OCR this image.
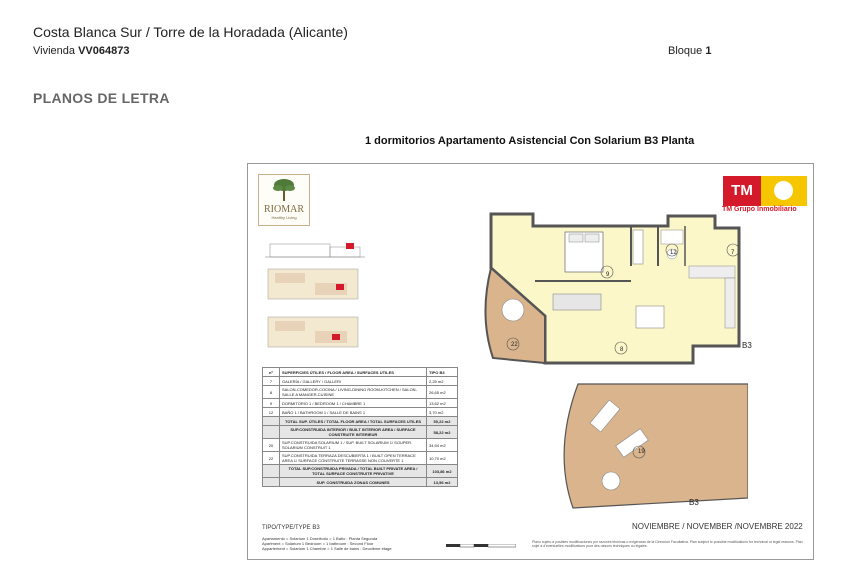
Costa Blanca Sur / Torre de la Horadada (Alicante)
Vivienda VV064873	Bloque 1
PLANOS DE LETRA
1 dormitorios Apartamento Asistencial Con Solarium B3 Planta
RIOMAR
Healthy Living
TM
TM Grupo Inmobiliario
12	7
9
8
22
19
B3
B3
nº	SUPERFICIES ÚTILES / FLOOR AREA / SURFACES UTILES	TIPO B3
7	GALERÍA / GALLERY / GALLERI	2,25 m2
8	SALON-COMEDOR-COCINA / LIVING-DINING ROOM-KITCHEN / SALON-SALLE A MANGER-CUISINE	26,65 m2
9	DORMITORIO 1 / BEDROOM 1 / CHAMBRE 1	13,62 m2
12	BAÑO 1 / BATHROOM 1 / SALLE DE BAINS 1	3,70 m2
	TOTAL SUP. ÚTILES / TOTAL FLOOR AREA / TOTAL SURFACES UTILES	50,22 m2
	SUP.CONSTRUIDA INTERIOR / BUILT INTERIOR AREA / SURFACE CONSTRUITE INTERIEUR	58,22 m2
20	SUP.CONSTRUIDA SOLARIUM 1 / SUP. BUILT SOLARIUM 1/ SOUPER. SOLARIUM CONSTRUIT 1	34,94 m2
22	SUP.CONSTRUIDA TERRAZA DESCUBIERTA 1 / BUILT OPEN TERRACE AREA 1/ SURFACE CONSTRUITE TERRASSE NON COUVERTE 1	10,70 m2
	TOTAL SUP.CONSTRUIDA PRIVADA / TOTAL BUILT PRIVATE AREA / TOTAL SURFACE CONSTRUITE PRIVATIVE	103,86 m2
	SUP. CONSTRUIDA ZONAS COMUNES	13,56 m2
TIPO/TYPE/TYPE B3
Apartamento = Solarium 1 Dormitorio = 1 Baño : Planta Segunda
Apartment = Solarium 1 Bedroom = 1 bathroom : Second Floor
Appartement = Solarium 1 Chambre = 1 Salle de bains : Deuxième étage
NOVIEMBRE / NOVEMBER /NOVEMBRE 2022
Plano sujeto a posibles modificaciones por razones técnicas o exigencias de la Dirección Facultativa. Plan subject to possible modifications for technical or legal reasons. Plan sujet à d'éventuelles modifications pour des raisons techniques ou légales.
